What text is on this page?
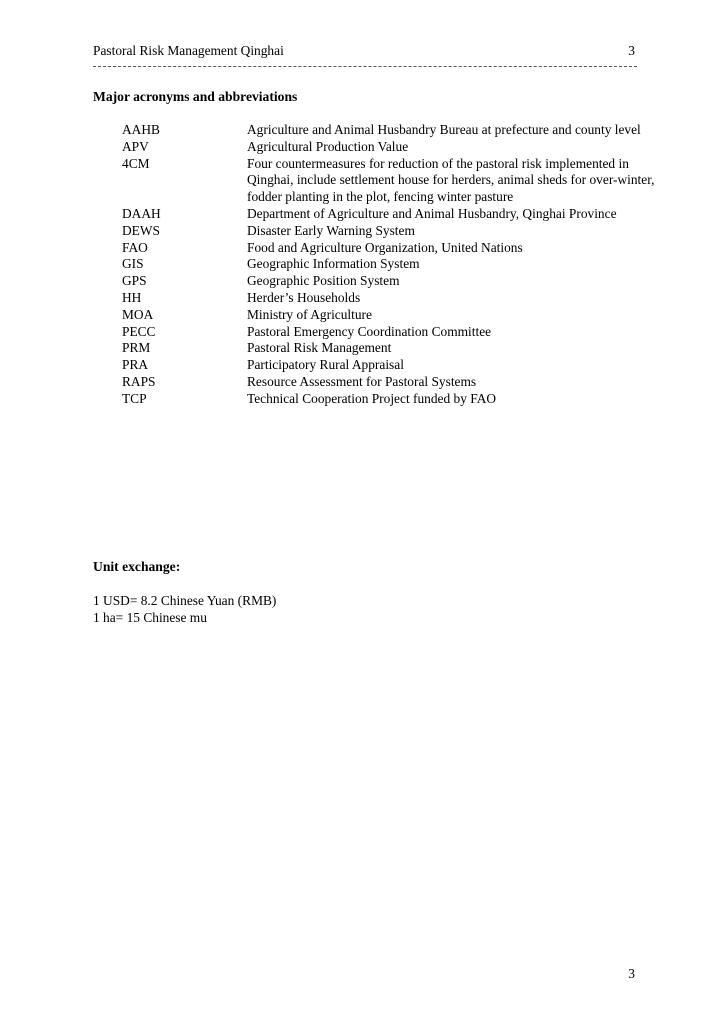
Pastoral Risk Management Qinghai	3
Major acronyms and abbreviations
AAHB	Agriculture and Animal Husbandry Bureau at prefecture and county level
APV	Agricultural Production Value
4CM	Four countermeasures for reduction of the pastoral risk implemented in Qinghai, include settlement house for herders, animal sheds for over-winter, fodder planting in the plot, fencing winter pasture
DAAH	Department of Agriculture and Animal Husbandry, Qinghai Province
DEWS	Disaster Early Warning System
FAO	Food and Agriculture Organization, United Nations
GIS	Geographic Information System
GPS	Geographic Position System
HH	Herder’s Households
MOA	Ministry of Agriculture
PECC	Pastoral Emergency Coordination Committee
PRM	Pastoral Risk Management
PRA	Participatory Rural Appraisal
RAPS	Resource Assessment for Pastoral Systems
TCP	Technical Cooperation Project funded by FAO
Unit exchange:
1 USD= 8.2 Chinese Yuan (RMB)
1 ha= 15 Chinese mu
3
